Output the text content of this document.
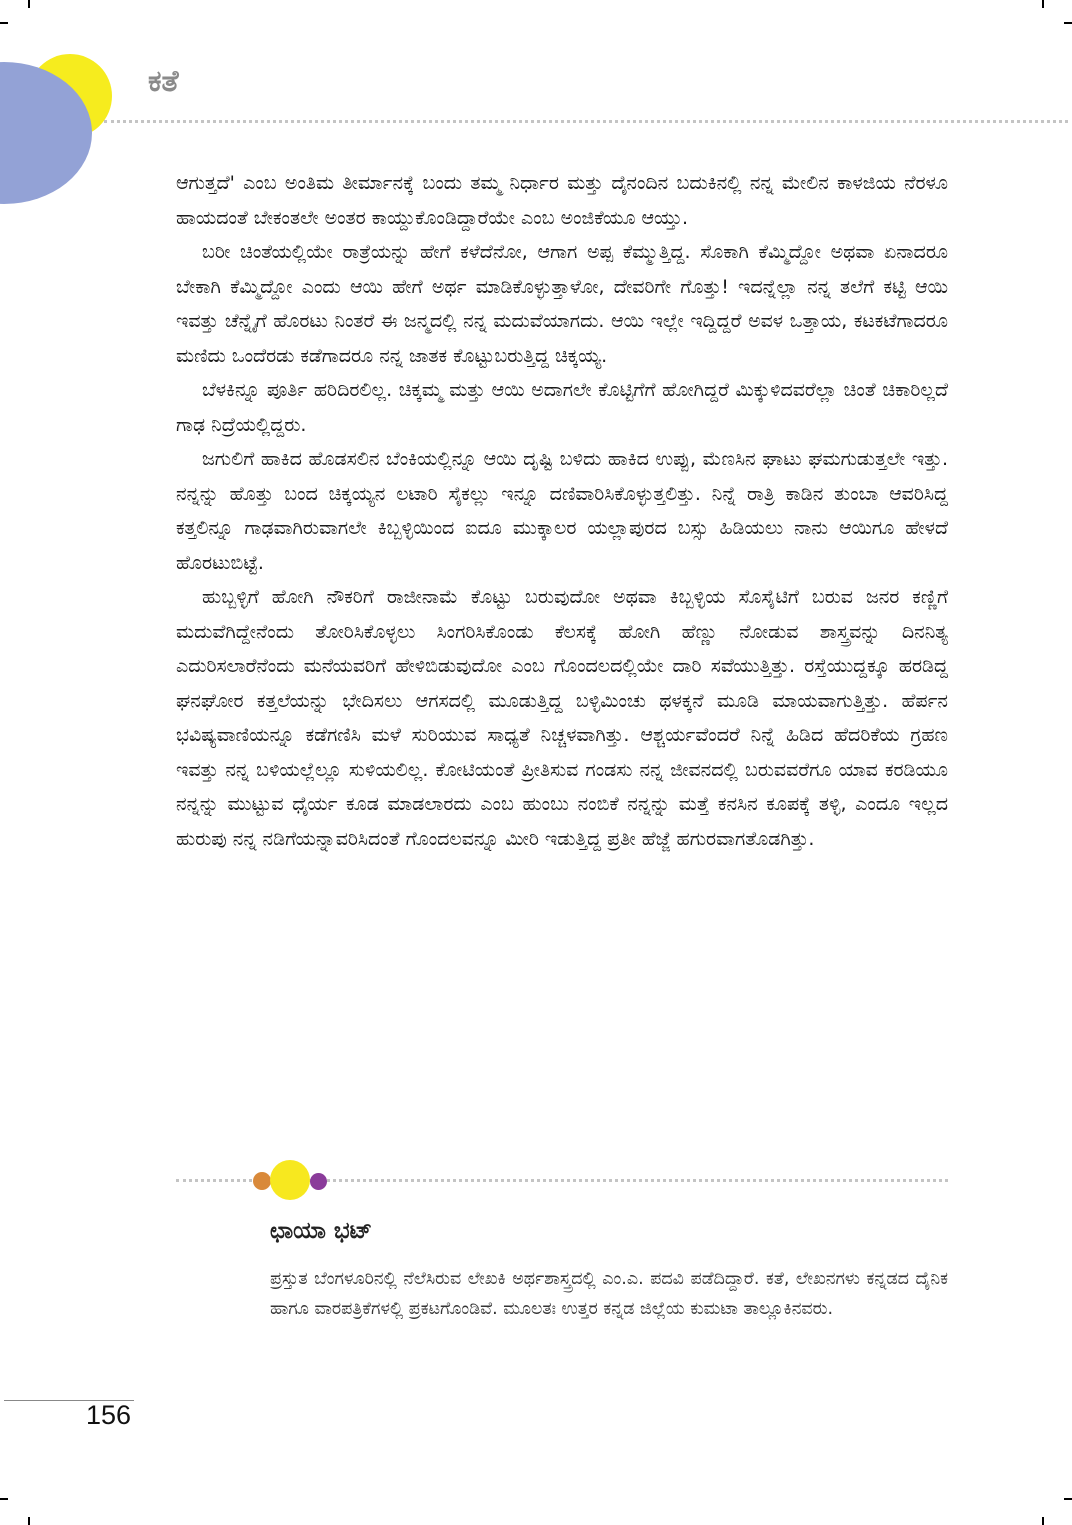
ಕತೆ

ಆಗುತ್ತದೆ' ಎಂಬ ಅಂತಿಮ ತೀರ್ಮಾನಕ್ಕೆ ಬಂದು ತಮ್ಮ ನಿರ್ಧಾರ ಮತ್ತು ದೈನಂದಿನ ಬದುಕಿನಲ್ಲಿ ನನ್ನ ಮೇಲಿನ ಕಾಳಜಿಯ ನೆರಳೂ ಹಾಯದಂತೆ ಬೇಕಂತಲೇ ಅಂತರ ಕಾಯ್ದುಕೊಂಡಿದ್ದಾರೆಯೇ ಎಂಬ ಅಂಜಿಕೆಯೂ ಆಯ್ತು.

ಬರೀ ಚಿಂತೆಯಲ್ಲಿಯೇ ರಾತ್ರೆಯನ್ನು ಹೇಗೆ ಕಳೆದೆನೋ, ಆಗಾಗ ಅಪ್ಪ ಕೆಮ್ಮುತ್ತಿದ್ದ. ಸೊಕಾಗಿ ಕೆಮ್ಮಿದ್ದೋ ಅಥವಾ ಏನಾದರೂ ಬೇಕಾಗಿ ಕೆಮ್ಮಿದ್ದೋ ಎಂದು ಆಯಿ ಹೇಗೆ ಅರ್ಥ ಮಾಡಿಕೊಳ್ಳುತ್ತಾಳೋ, ದೇವರಿಗೇ ಗೊತ್ತು! ಇದನ್ನೆಲ್ಲಾ ನನ್ನ ತಲೆಗೆ ಕಟ್ಟಿ ಆಯಿ ಇವತ್ತು ಚೆನ್ನೈಗೆ ಹೊರಟು ನಿಂತರೆ ಈ ಜನ್ಮದಲ್ಲಿ ನನ್ನ ಮದುವೆಯಾಗದು. ಆಯಿ ಇಲ್ಲೇ ಇದ್ದಿದ್ದರೆ ಅವಳ ಒತ್ತಾಯ, ಕಟಕಟೆಗಾದರೂ ಮಣಿದು ಒಂದೆರಡು ಕಡೆಗಾದರೂ ನನ್ನ ಜಾತಕ ಕೊಟ್ಟುಬರುತ್ತಿದ್ದ ಚಿಕ್ಕಯ್ಯ.

ಬೆಳಕಿನ್ನೂ ಪೂರ್ತಿ ಹರಿದಿರಲಿಲ್ಲ. ಚಿಕ್ಕಮ್ಮ ಮತ್ತು ಆಯಿ ಅದಾಗಲೇ ಕೊಟ್ಟಿಗೆಗೆ ಹೋಗಿದ್ದರೆ ಮಿಕ್ಕುಳಿದವರೆಲ್ಲಾ ಚಿಂತೆ ಚಿಕಾರಿಲ್ಲದೆ ಗಾಢ ನಿದ್ರೆಯಲ್ಲಿದ್ದರು.

ಜಗುಲಿಗೆ ಹಾಕಿದ ಹೊಡಸಲಿನ ಬೆಂಕಿಯಲ್ಲಿನ್ನೂ ಆಯಿ ದೃಷ್ಟಿ ಬಳಿದು ಹಾಕಿದ ಉಪ್ಪು, ಮೆಣಸಿನ ಘಾಟು ಘಮಗುಡುತ್ತಲೇ ಇತ್ತು. ನನ್ನನ್ನು ಹೊತ್ತು ಬಂದ ಚಿಕ್ಕಯ್ಯನ ಲಟಾರಿ ಸೈಕಲ್ಲು ಇನ್ನೂ ದಣಿವಾರಿಸಿಕೊಳ್ಳುತ್ತಲಿತ್ತು. ನಿನ್ನೆ ರಾತ್ರಿ ಕಾಡಿನ ತುಂಬಾ ಆವರಿಸಿದ್ದ ಕತ್ತಲಿನ್ನೂ ಗಾಢವಾಗಿರುವಾಗಲೇ ಕಿಬ್ಬಳ್ಳಿಯಿಂದ ಐದೂ ಮುಕ್ಕಾಲರ ಯಲ್ಲಾಪುರದ ಬಸ್ಸು ಹಿಡಿಯಲು ನಾನು ಆಯಿಗೂ ಹೇಳದೆ ಹೊರಟುಬಿಟ್ಟೆ.

ಹುಬ್ಬಳ್ಳಿಗೆ ಹೋಗಿ ನೌಕರಿಗೆ ರಾಜೀನಾಮೆ ಕೊಟ್ಟು ಬರುವುದೋ ಅಥವಾ ಕಿಬ್ಬಳ್ಳಿಯ ಸೊಸೈಟಿಗೆ ಬರುವ ಜನರ ಕಣ್ಣಿಗೆ ಮದುವೆಗಿದ್ದೇನೆಂದು ತೋರಿಸಿಕೊಳ್ಳಲು ಸಿಂಗರಿಸಿಕೊಂಡು ಕೆಲಸಕ್ಕೆ ಹೋಗಿ ಹೆಣ್ಣು ನೋಡುವ ಶಾಸ್ತ್ರವನ್ನು ದಿನನಿತ್ಯ ಎದುರಿಸಲಾರೆನೆಂದು ಮನೆಯವರಿಗೆ ಹೇಳಿಬಿಡುವುದೋ ಎಂಬ ಗೊಂದಲದಲ್ಲಿಯೇ ದಾರಿ ಸವೆಯುತ್ತಿತ್ತು. ರಸ್ತೆಯುದ್ದಕ್ಕೂ ಹರಡಿದ್ದ ಘನಘೋರ ಕತ್ತಲೆಯನ್ನು ಭೇದಿಸಲು ಆಗಸದಲ್ಲಿ ಮೂಡುತ್ತಿದ್ದ ಬಳ್ಳಿಮಿಂಚು ಥಳಕ್ಕನೆ ಮೂಡಿ ಮಾಯವಾಗುತ್ತಿತ್ತು. ಹೆರ್ಪನ ಭವಿಷ್ಯವಾಣಿಯನ್ನೂ ಕಡೆಗಣಿಸಿ ಮಳೆ ಸುರಿಯುವ ಸಾಧ್ಯತೆ ನಿಚ್ಚಳವಾಗಿತ್ತು. ಆಶ್ಚರ್ಯವೆಂದರೆ ನಿನ್ನೆ ಹಿಡಿದ ಹೆದರಿಕೆಯ ಗ್ರಹಣ ಇವತ್ತು ನನ್ನ ಬಳಿಯಲ್ಲೆಲ್ಲೂ ಸುಳಿಯಲಿಲ್ಲ. ಕೋಟಿಯಂತೆ ಪ್ರೀತಿಸುವ ಗಂಡಸು ನನ್ನ ಜೀವನದಲ್ಲಿ ಬರುವವರೆಗೂ ಯಾವ ಕರಡಿಯೂ ನನ್ನನ್ನು ಮುಟ್ಟುವ ಧೈರ್ಯ ಕೂಡ ಮಾಡಲಾರದು ಎಂಬ ಹುಂಬು ನಂಬಿಕೆ ನನ್ನನ್ನು ಮತ್ತೆ ಕನಸಿನ ಕೂಪಕ್ಕೆ ತಳ್ಳಿ, ಎಂದೂ ಇಲ್ಲದ ಹುರುಪು ನನ್ನ ನಡಿಗೆಯನ್ನಾವರಿಸಿದಂತೆ ಗೊಂದಲವನ್ನೂ ಮೀರಿ ಇಡುತ್ತಿದ್ದ ಪ್ರತೀ ಹೆಜ್ಜೆ ಹಗುರವಾಗತೊಡಗಿತ್ತು.

ಛಾಯಾ ಭಟ್

ಪ್ರಸ್ತುತ ಬೆಂಗಳೂರಿನಲ್ಲಿ ನೆಲೆಸಿರುವ ಲೇಖಕಿ ಅರ್ಥಶಾಸ್ತ್ರದಲ್ಲಿ ಎಂ.ಎ. ಪದವಿ ಪಡೆದಿದ್ದಾರೆ. ಕತೆ, ಲೇಖನಗಳು ಕನ್ನಡದ ದೈನಿಕ ಹಾಗೂ ವಾರಪತ್ರಿಕೆಗಳಲ್ಲಿ ಪ್ರಕಟಗೊಂಡಿವೆ. ಮೂಲತಃ ಉತ್ತರ ಕನ್ನಡ ಜಿಲ್ಲೆಯ ಕುಮಟಾ ತಾಲ್ಲೂಕಿನವರು.

156
